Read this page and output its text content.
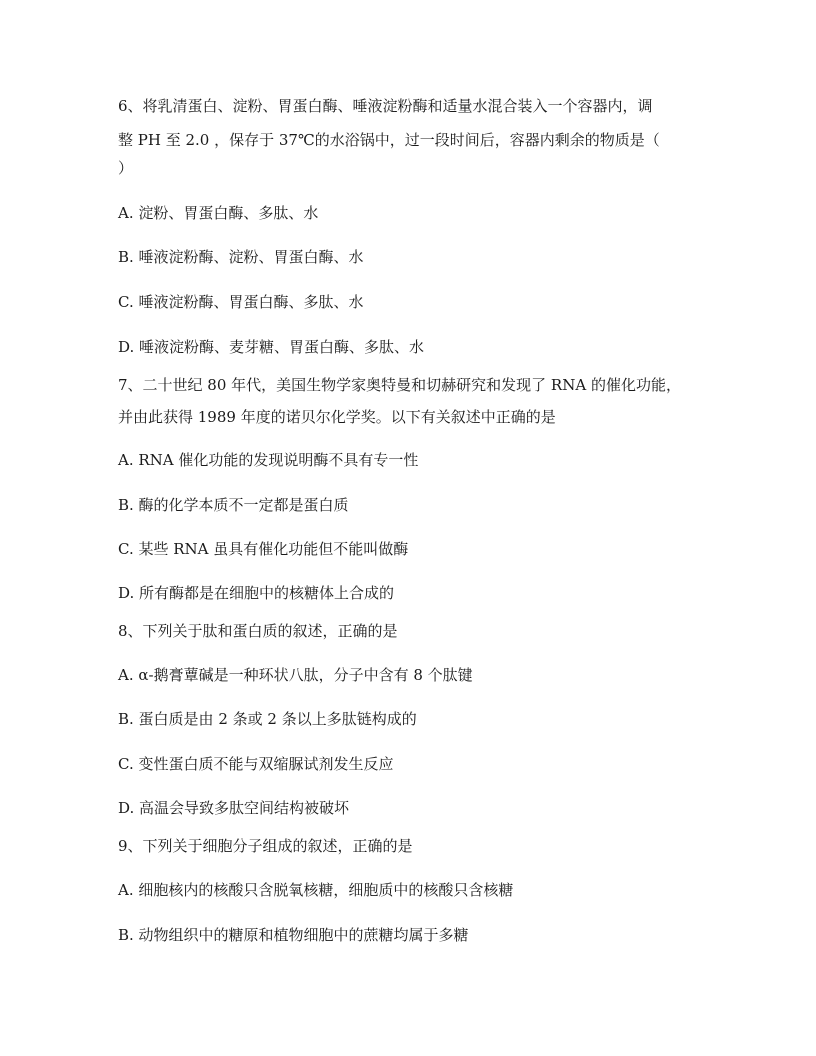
6、将乳清蛋白、淀粉、胃蛋白酶、唾液淀粉酶和适量水混合装入一个容器内，调
整 PH 至 2.0 ，保存于 37℃的水浴锅中，过一段时间后，容器内剩余的物质是（
）
A. 淀粉、胃蛋白酶、多肽、水
B. 唾液淀粉酶、淀粉、胃蛋白酶、水
C. 唾液淀粉酶、胃蛋白酶、多肽、水
D. 唾液淀粉酶、麦芽糖、胃蛋白酶、多肽、水
7、二十世纪 80 年代，美国生物学家奥特曼和切赫研究和发现了 RNA 的催化功能，
并由此获得 1989 年度的诺贝尔化学奖。以下有关叙述中正确的是
A. RNA 催化功能的发现说明酶不具有专一性
B. 酶的化学本质不一定都是蛋白质
C. 某些 RNA 虽具有催化功能但不能叫做酶
D. 所有酶都是在细胞中的核糖体上合成的
8、下列关于肽和蛋白质的叙述，正确的是
A. α-鹅膏蕈碱是一种环状八肽，分子中含有 8 个肽键
B. 蛋白质是由 2 条或 2 条以上多肽链构成的
C. 变性蛋白质不能与双缩脲试剂发生反应
D. 高温会导致多肽空间结构被破坏
9、下列关于细胞分子组成的叙述，正确的是
A. 细胞核内的核酸只含脱氧核糖，细胞质中的核酸只含核糖
B. 动物组织中的糖原和植物细胞中的蔗糖均属于多糖
